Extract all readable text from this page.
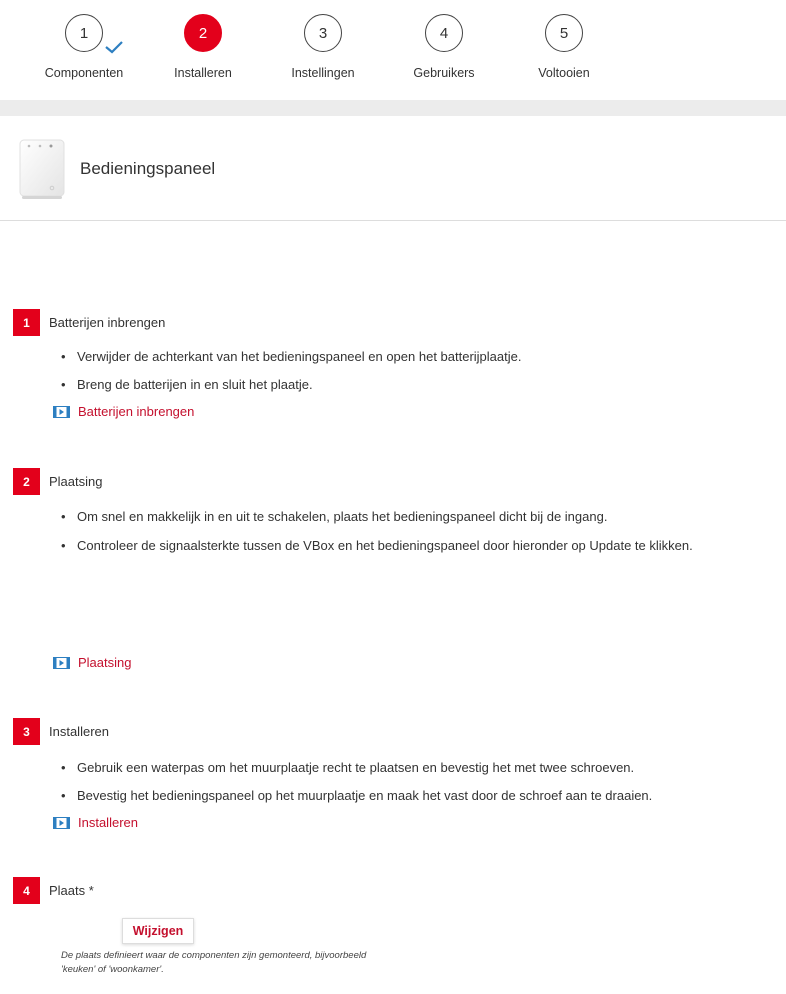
1
Componenten
2
Installeren
3
Instellingen
4
Gebruikers
5
Voltooien
Bedieningspaneel
1	Batterijen inbrengen
• Verwijder de achterkant van het bedieningspaneel en open het batterijplaatje.
• Breng de batterijen in en sluit het plaatje.
Batterijen inbrengen
2	Plaatsing
• Om snel en makkelijk in en uit te schakelen, plaats het bedieningspaneel dicht bij de ingang.
• Controleer de signaalsterkte tussen de VBox en het bedieningspaneel door hieronder op Update te klikken.
Plaatsing
3	Installeren
• Gebruik een waterpas om het muurplaatje recht te plaatsen en bevestig het met twee schroeven.
• Bevestig het bedieningspaneel op het muurplaatje en maak het vast door de schroef aan te draaien.
Installeren
4	Plaats *
Wijzigen
De plaats definieert waar de componenten zijn gemonteerd, bijvoorbeeld
'keuken' of 'woonkamer'.
